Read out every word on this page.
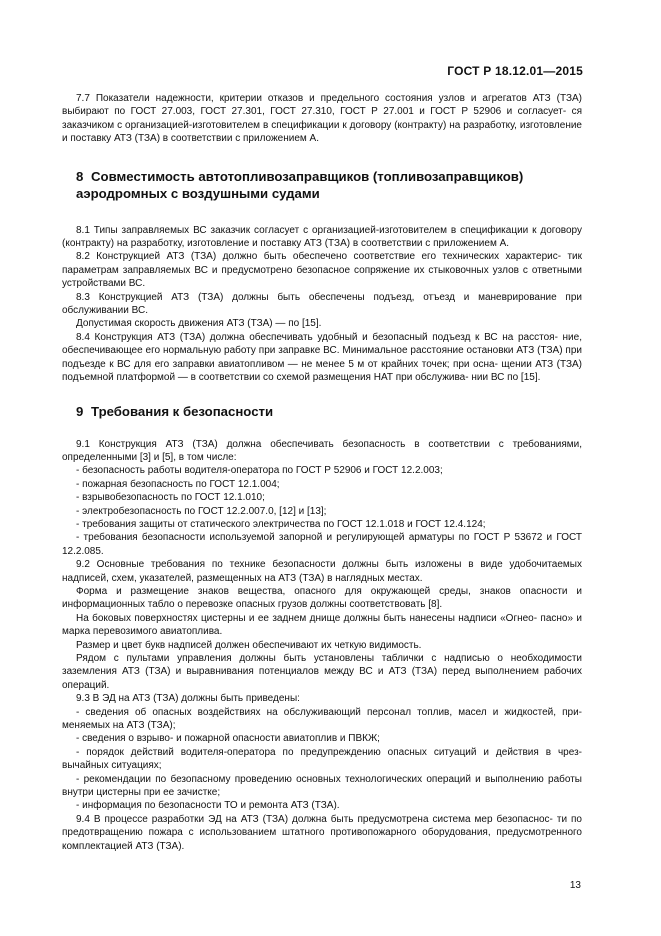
ГОСТ Р 18.12.01—2015

7.7 Показатели надежности, критерии отказов и предельного состояния узлов и агрегатов АТЗ (ТЗА) выбирают по ГОСТ 27.003, ГОСТ 27.301, ГОСТ 27.310, ГОСТ Р 27.001 и ГОСТ Р 52906 и согласует- ся заказчиком с организацией-изготовителем в спецификации к договору (контракту) на разработку, изготовление и поставку АТЗ (ТЗА) в соответствии с приложением А.

8 Совместимость автотопливозаправщиков (топливозаправщиков) аэродромных с воздушными судами

8.1 Типы заправляемых ВС заказчик согласует с организацией-изготовителем в спецификации к договору (контракту) на разработку, изготовление и поставку АТЗ (ТЗА) в соответствии с приложением А.

8.2 Конструкцией АТЗ (ТЗА) должно быть обеспечено соответствие его технических характерис- тик параметрам заправляемых ВС и предусмотрено безопасное сопряжение их стыковочных узлов с ответными устройствами ВС.

8.3 Конструкцией АТЗ (ТЗА) должны быть обеспечены подъезд, отъезд и маневрирование при обслуживании ВС.

Допустимая скорость движения АТЗ (ТЗА) — по [15].

8.4 Конструкция АТЗ (ТЗА) должна обеспечивать удобный и безопасный подъезд к ВС на расстоя- ние, обеспечивающее его нормальную работу при заправке ВС. Минимальное расстояние остановки АТЗ (ТЗА) при подъезде к ВС для его заправки авиатопливом — не менее 5 м от крайних точек; при осна- щении АТЗ (ТЗА) подъемной платформой — в соответствии со схемой размещения НАТ при обслужива- нии ВС по [15].

9 Требования к безопасности

9.1 Конструкция АТЗ (ТЗА) должна обеспечивать безопасность в соответствии с требованиями, определенными [3] и [5], в том числе:

- безопасность работы водителя-оператора по ГОСТ Р 52906 и ГОСТ 12.2.003;

- пожарная безопасность по ГОСТ 12.1.004;

- взрывобезопасность по ГОСТ 12.1.010;

- электробезопасность по ГОСТ 12.2.007.0, [12] и [13];

- требования защиты от статического электричества по ГОСТ 12.1.018 и ГОСТ 12.4.124;

- требования безопасности используемой запорной и регулирующей арматуры по ГОСТ Р 53672 и ГОСТ 12.2.085.

9.2 Основные требования по технике безопасности должны быть изложены в виде удобочитаемых надписей, схем, указателей, размещенных на АТЗ (ТЗА) в наглядных местах.

Форма и размещение знаков вещества, опасного для окружающей среды, знаков опасности и информационных табло о перевозке опасных грузов должны соответствовать [8].

На боковых поверхностях цистерны и ее заднем днище должны быть нанесены надписи «Огнео- пасно» и марка перевозимого авиатоплива.

Размер и цвет букв надписей должен обеспечивают их четкую видимость.

Рядом с пультами управления должны быть установлены таблички с надписью о необходимости заземления АТЗ (ТЗА) и выравнивания потенциалов между ВС и АТЗ (ТЗА) перед выполнением рабочих операций.

9.3 В ЭД на АТЗ (ТЗА) должны быть приведены:

- сведения об опасных воздействиях на обслуживающий персонал топлив, масел и жидкостей, при- меняемых на АТЗ (ТЗА);

- сведения о взрыво- и пожарной опасности авиатоплив и ПВКЖ;

- порядок действий водителя-оператора по предупреждению опасных ситуаций и действия в чрез- вычайных ситуациях;

- рекомендации по безопасному проведению основных технологических операций и выполнению работы внутри цистерны при ее зачистке;

- информация по безопасности ТО и ремонта АТЗ (ТЗА).

9.4 В процессе разработки ЭД на АТЗ (ТЗА) должна быть предусмотрена система мер безопаснос- ти по предотвращению пожара с использованием штатного противопожарного оборудования, предусмотренного комплектацией АТЗ (ТЗА).

13
